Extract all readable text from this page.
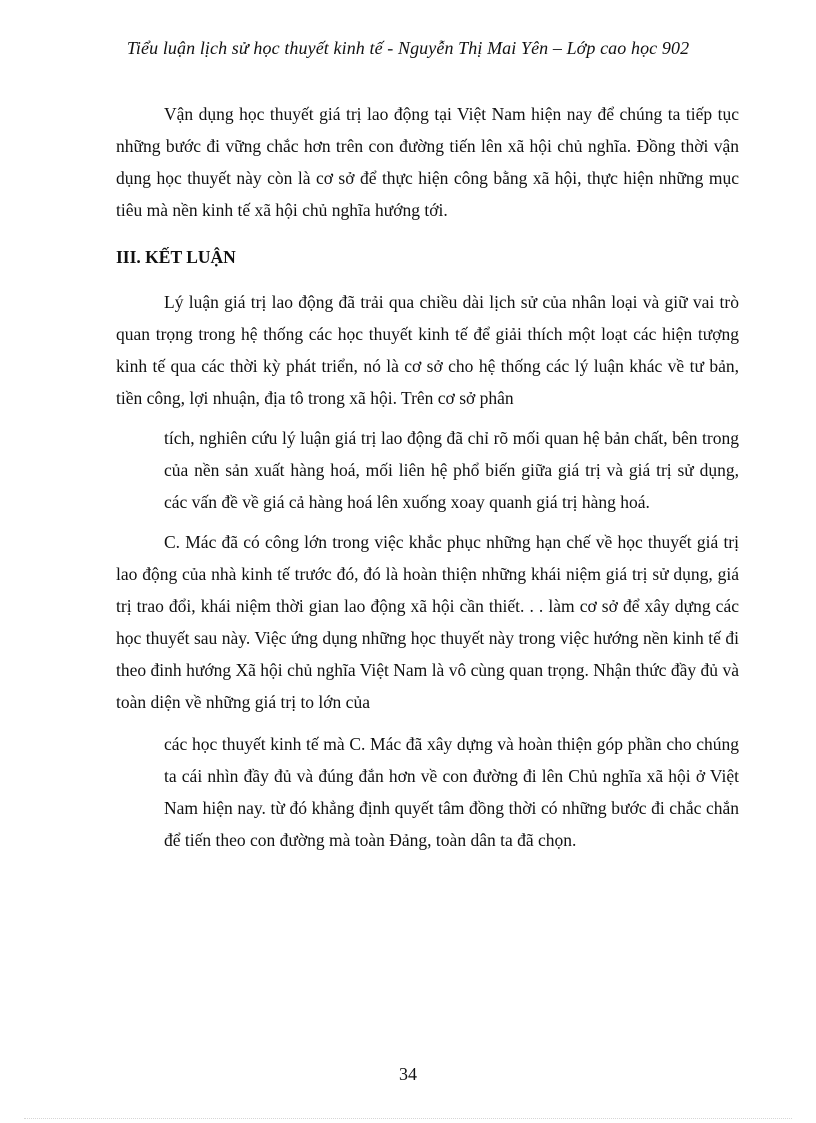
Tiểu luận lịch sử học thuyết kinh tế - Nguyễn Thị Mai Yên – Lớp cao học 902

Vận dụng học thuyết giá trị lao động tại Việt Nam hiện nay để chúng ta tiếp tục những bước đi vững chắc hơn trên con đường tiến lên xã hội chủ nghĩa. Đồng thời vận dụng học thuyết này còn là cơ sở để thực hiện công bằng xã hội, thực hiện những mục tiêu mà nền kinh tế xã hội chủ nghĩa hướng tới.

III. KẾT LUẬN

Lý luận giá trị lao động đã trải qua chiều dài lịch sử của nhân loại và giữ vai trò quan trọng trong hệ thống các học thuyết kinh tế để giải thích một loạt các hiện tượng kinh tế qua các thời kỳ phát triển, nó là cơ sở cho hệ thống các lý luận khác về tư bản, tiền công, lợi nhuận, địa tô trong xã hội. Trên cơ sở phân

tích, nghiên cứu lý luận giá trị lao động đã chỉ rõ mối quan hệ bản chất, bên trong của nền sản xuất hàng hoá, mối liên hệ phổ biến giữa giá trị và giá trị sử dụng, các vấn đề về giá cả hàng hoá lên xuống xoay quanh giá trị hàng hoá.

C. Mác đã có công lớn trong việc khắc phục những hạn chế về học thuyết giá trị lao động của nhà kinh tế trước đó, đó là hoàn thiện những khái niệm giá trị sử dụng, giá trị trao đổi, khái niệm thời gian lao động xã hội cần thiết. . . làm cơ sở để xây dựng các học thuyết sau này. Việc ứng dụng những học thuyết này trong việc hướng nền kinh tế đi theo đinh hướng Xã hội chủ nghĩa Việt Nam là vô cùng quan trọng. Nhận thức đầy đủ và toàn diện về những giá trị to lớn của

các học thuyết kinh tế mà C. Mác đã xây dựng và hoàn thiện góp phần cho chúng ta cái nhìn đầy đủ và đúng đắn hơn về con đường đi lên Chủ nghĩa xã hội ở Việt Nam hiện nay. từ đó khẳng định quyết tâm đồng thời có những bước đi chắc chắn để tiến theo con đường mà toàn Đảng, toàn dân ta đã chọn.

34
